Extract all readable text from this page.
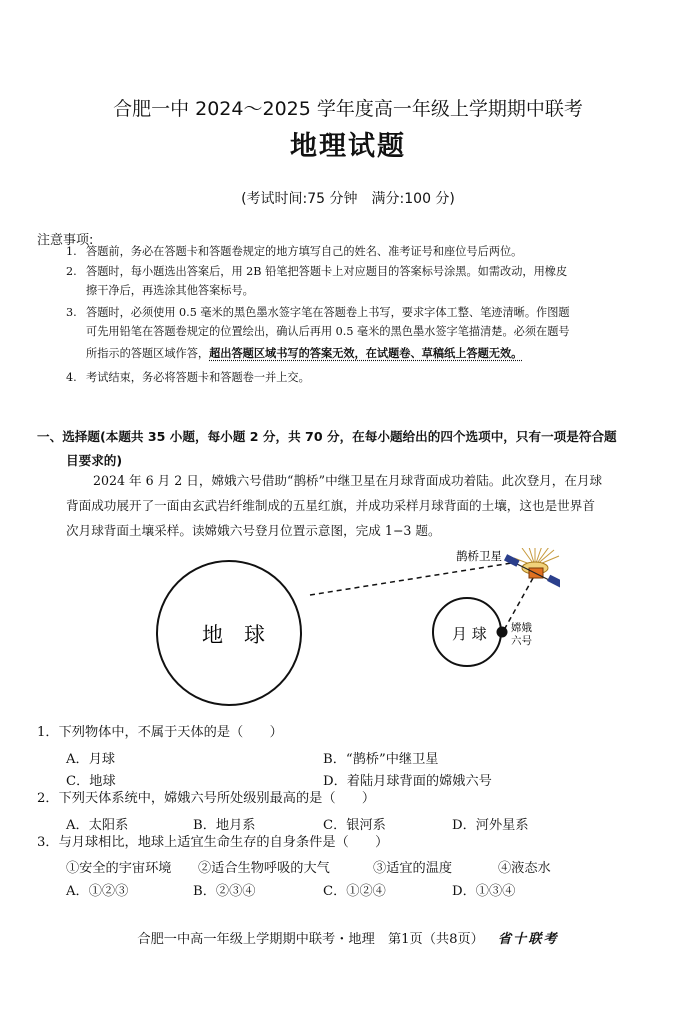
合肥一中 2024～2025 学年度高一年级上学期期中联考
地理试题
(考试时间:75 分钟　满分:100 分)
注意事项:
1. 答题前，务必在答题卡和答题卷规定的地方填写自己的姓名、准考证号和座位号后两位。
2. 答题时，每小题选出答案后，用 2B 铅笔把答题卡上对应题目的答案标号涂黑。如需改动，用橡皮
擦干净后，再选涂其他答案标号。
3. 答题时，必须使用 0.5 毫米的黑色墨水签字笔在答题卷上书写，要求字体工整、笔迹清晰。作图题
可先用铅笔在答题卷规定的位置绘出，确认后再用 0.5 毫米的黑色墨水签字笔描清楚。必须在题号
所指示的答题区域作答，超出答题区域书写的答案无效，在试题卷、草稿纸上答题无效。
4. 考试结束，务必将答题卡和答题卷一并上交。
一、选择题(本题共 35 小题，每小题 2 分，共 70 分，在每小题给出的四个选项中，只有一项是符合题
目要求的)
2024 年 6 月 2 日，嫦娥六号借助“鹊桥”中继卫星在月球背面成功着陆。此次登月，在月球
背面成功展开了一面由玄武岩纤维制成的五星红旗，并成功采样月球背面的土壤，这也是世界首
次月球背面土壤采样。读嫦娥六号登月位置示意图，完成 1−3 题。
地　球	月 球
鹊桥卫星
嫦娥
六号
1．下列物体中，不属于天体的是（　　）
A．月球	B．“鹊桥”中继卫星
C．地球	D．着陆月球背面的嫦娥六号
2．下列天体系统中，嫦娥六号所处级别最高的是（　　）
A．太阳系	B．地月系	C．银河系	D．河外星系
3．与月球相比，地球上适宜生命生存的自身条件是（　　）
①安全的宇宙环境 ②适合生物呼吸的大气	③适宜的温度	④液态水
A．①②③	B．②③④	C．①②④	D．①③④
合肥一中高一年级上学期期中联考・地理　第1页（共8页） 省十联考
